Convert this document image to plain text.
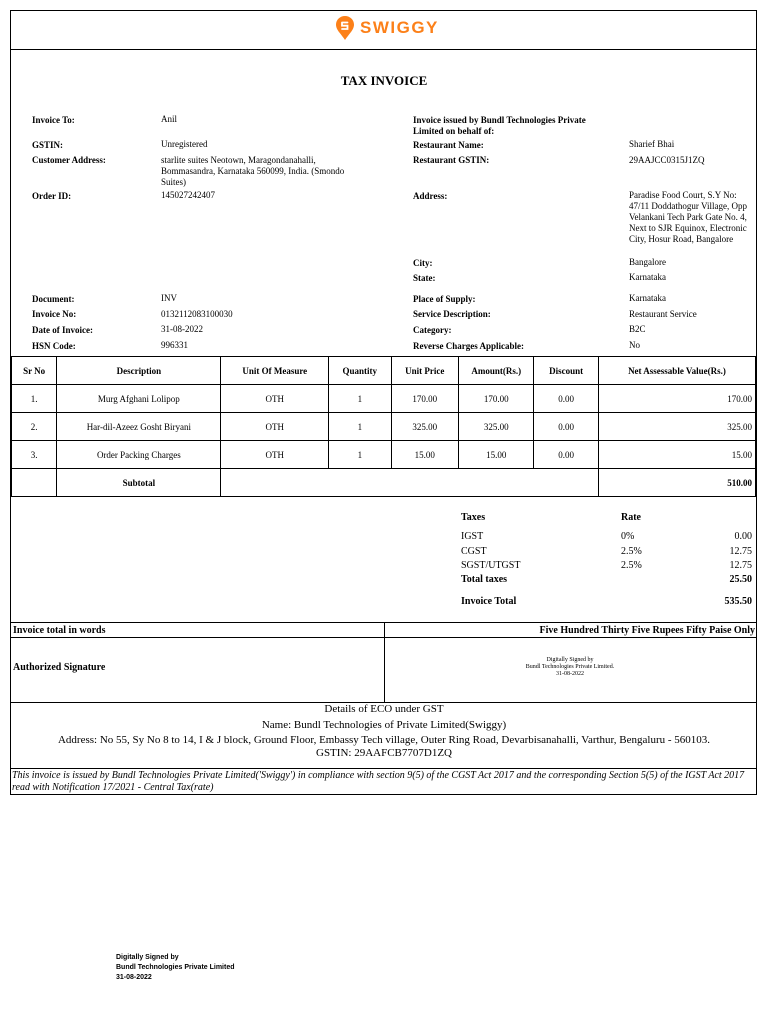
SWIGGY
TAX INVOICE
Invoice To:	Anil
GSTIN:	Unregistered
Customer Address:	starlite suites Neotown, Maragondanahalli, Bommasandra, Karnataka 560099, India. (Smondo Suites)
Order ID:	145027242407
Document:	INV
Invoice No:	0132112083100030
Date of Invoice:	31-08-2022
HSN Code:	996331
Invoice issued by Bundl Technologies Private Limited on behalf of:
Restaurant Name:	Sharief Bhai
Restaurant GSTIN:	29AAJCC0315J1ZQ
Address:	Paradise Food Court, S.Y No: 47/11 Doddathogur Village, Opp Velankani Tech Park Gate No. 4, Next to SJR Equinox, Electronic City, Hosur Road, Bangalore
City:	Bangalore
State:	Karnataka
Place of Supply:	Karnataka
Service Description:	Restaurant Service
Category:	B2C
Reverse Charges Applicable:	No
Sr No	Description	Unit Of Measure	Quantity	Unit Price	Amount(Rs.)	Discount	Net Assessable Value(Rs.)
1.	Murg Afghani Lolipop	OTH	1	170.00	170.00	0.00	170.00
2.	Har-dil-Azeez Gosht Biryani	OTH	1	325.00	325.00	0.00	325.00
3.	Order Packing Charges	OTH	1	15.00	15.00	0.00	15.00
	Subtotal						510.00
Taxes	Rate
IGST	0%	0.00
CGST	2.5%	12.75
SGST/UTGST	2.5%	12.75
Total taxes	25.50
Invoice Total	535.50
Invoice total in words	Five Hundred Thirty Five Rupees Fifty Paise Only
Authorized Signature
Digitally Signed by
Bundl Technologies Private Limited.
31-08-2022
Details of ECO under GST
Name: Bundl Technologies of Private Limited(Swiggy)
Address: No 55, Sy No 8 to 14, I & J block, Ground Floor, Embassy Tech village, Outer Ring Road, Devarbisanahalli, Varthur, Bengaluru - 560103.
GSTIN: 29AAFCB7707D1ZQ
This invoice is issued by Bundl Technologies Private Limited('Swiggy') in compliance with section 9(5) of the CGST Act 2017 and the corresponding Section 5(5) of the IGST Act 2017 read with Notification 17/2021 - Central Tax(rate)
Digitally Signed by
Bundl Technologies Private Limited
31-08-2022
